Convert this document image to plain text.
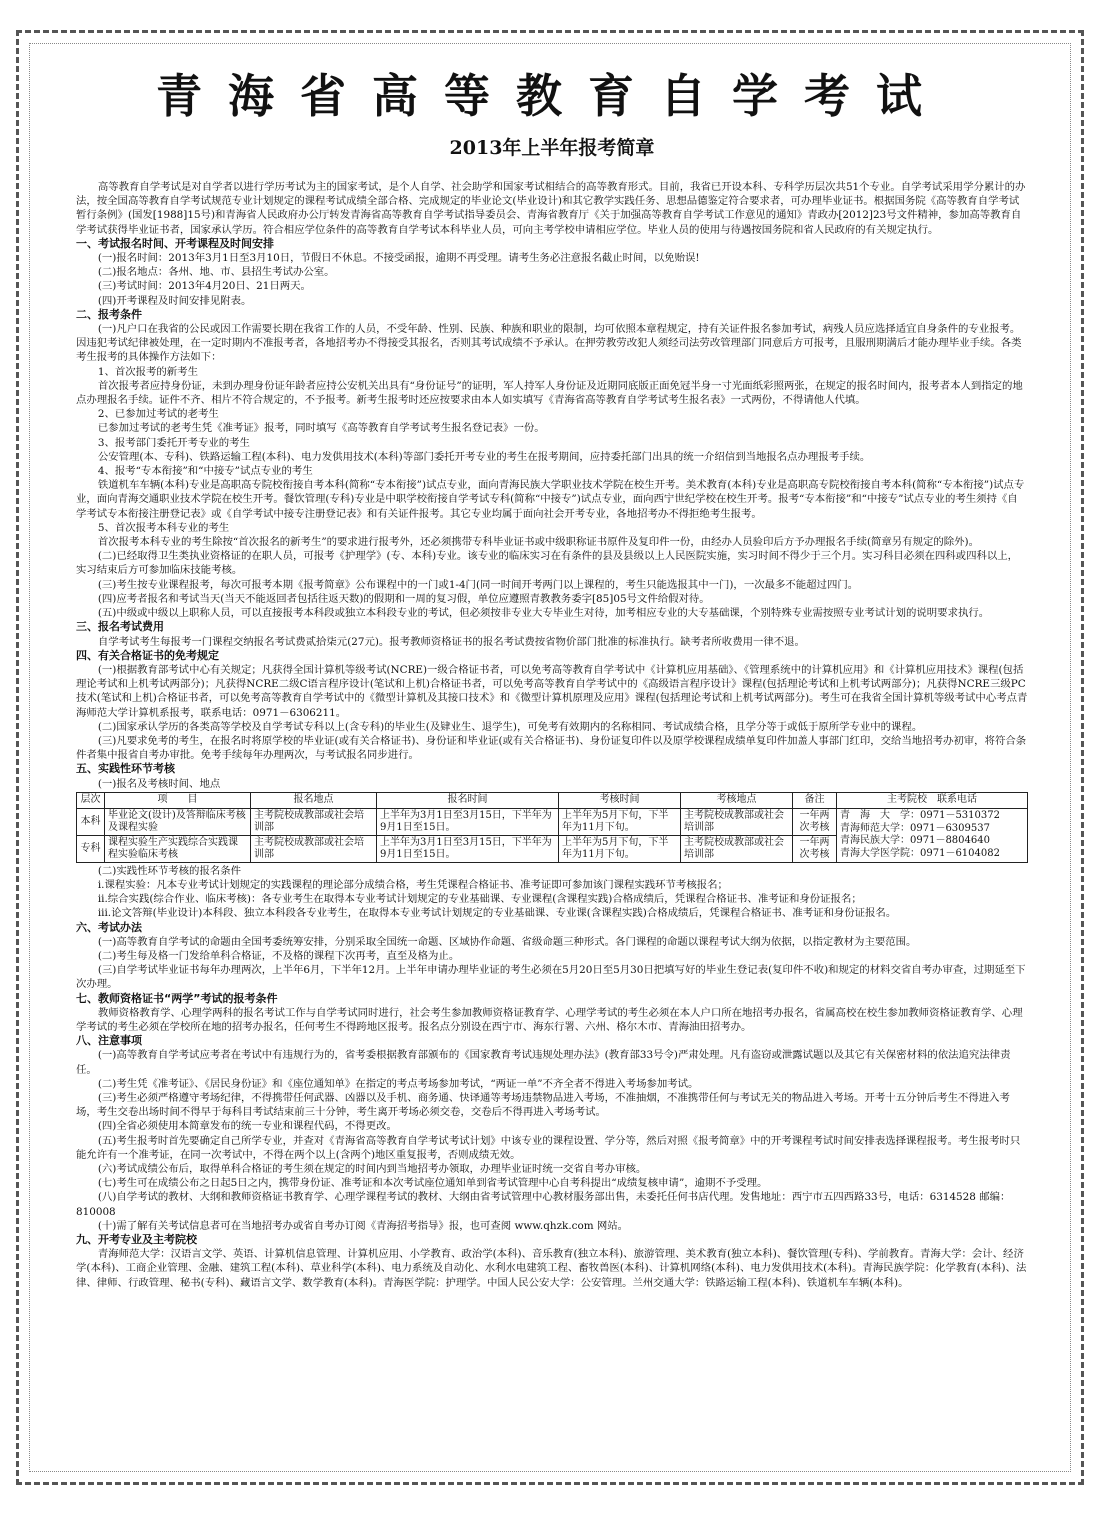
青海省高等教育自学考试
2013年上半年报考简章

高等教育自学考试是对自学者以进行学历考试为主的国家考试，是个人自学、社会助学和国家考试相结合的高等教育形式。目前，我省已开设本科、专科学历层次共51个专业。自学考试采用学分累计的办法，按全国高等教育自学考试规范专业计划规定的课程考试成绩全部合格、完成规定的毕业论文(毕业设计)和其它教学实践任务、思想品德鉴定符合要求者，可办理毕业证书。根据国务院《高等教育自学考试暂行条例》(国发[1988]15号)和青海省人民政府办公厅转发青海省高等教育自学考试指导委员会、青海省教育厅《关于加强高等教育自学考试工作意见的通知》青政办[2012]23号文件精神，参加高等教育自学考试获得毕业证书者，国家承认学历。符合相应学位条件的高等教育自学考试本科毕业人员，可向主考学校申请相应学位。毕业人员的使用与待遇按国务院和省人民政府的有关规定执行。

一、考试报名时间、开考课程及时间安排

(一)报名时间：2013年3月1日至3月10日，节假日不休息。不接受函报，逾期不再受理。请考生务必注意报名截止时间，以免贻误!

(二)报名地点：各州、地、市、县招生考试办公室。

(三)考试时间：2013年4月20日、21日两天。

(四)开考课程及时间安排见附表。

二、报考条件

(一)凡户口在我省的公民或因工作需要长期在我省工作的人员，不受年龄、性别、民族、种族和职业的限制，均可依照本章程规定，持有关证件报名参加考试，病残人员应选择适宜自身条件的专业报考。因违犯考试纪律被处理，在一定时期内不准报考者，各地招考办不得接受其报名，否则其考试成绩不予承认。在押劳教劳改犯人须经司法劳改管理部门同意后方可报考，且服刑期满后才能办理毕业手续。各类考生报考的具体操作方法如下：

1、首次报考的新考生

首次报考者应持身份证，未到办理身份证年龄者应持公安机关出具有“身份证号”的证明，军人持军人身份证及近期同底版正面免冠半身一寸光面纸彩照两张，在规定的报名时间内，报考者本人到指定的地点办理报名手续。证件不齐、相片不符合规定的，不予报考。新考生报考时还应按要求由本人如实填写《青海省高等教育自学考试考生报名表》一式两份，不得请他人代填。

2、已参加过考试的老考生

已参加过考试的老考生凭《准考证》报考，同时填写《高等教育自学考试考生报名登记表》一份。

3、报考部门委托开考专业的考生

公安管理(本、专科)、铁路运输工程(本科)、电力发供用技术(本科)等部门委托开考专业的考生在报考期间，应持委托部门出具的统一介绍信到当地报名点办理报考手续。

4、报考“专本衔接”和“中接专”试点专业的考生

铁道机车车辆(本科)专业是高职高专院校衔接自考本科(简称“专本衔接”)试点专业，面向青海民族大学职业技术学院在校生开考。美术教育(本科)专业是高职高专院校衔接自考本科(简称“专本衔接”)试点专业，面向青海交通职业技术学院在校生开考。餐饮管理(专科)专业是中职学校衔接自学考试专科(简称“中接专”)试点专业，面向西宁世纪学校在校生开考。报考“专本衔接”和“中接专”试点专业的考生须持《自学考试专本衔接注册登记表》或《自学考试中接专注册登记表》和有关证件报考。其它专业均属于面向社会开考专业，各地招考办不得拒绝考生报考。

5、首次报考本科专业的考生

首次报考本科专业的考生除按“首次报名的新考生”的要求进行报考外，还必须携带专科毕业证书或中级职称证书原件及复印件一份，由经办人员验印后方予办理报名手续(简章另有规定的除外)。

(二)已经取得卫生类执业资格证的在职人员，可报考《护理学》(专、本科)专业。该专业的临床实习在有条件的县及县级以上人民医院实施，实习时间不得少于三个月。实习科目必须在四科或四科以上，实习结束后方可参加临床技能考核。

(三)考生按专业课程报考，每次可报考本期《报考简章》公布课程中的一门或1-4门(同一时间开考两门以上课程的，考生只能选报其中一门)，一次最多不能超过四门。

(四)应考者报名和考试当天(当天不能返回者包括往返天数)的假期和一周的复习假，单位应遵照青教教务委字[85]05号文件给假对待。

(五)中级或中级以上职称人员，可以直接报考本科段或独立本科段专业的考试，但必须按非专业大专毕业生对待，加考相应专业的大专基础课，个别特殊专业需按照专业考试计划的说明要求执行。

三、报名考试费用

自学考试考生每报考一门课程交纳报名考试费贰拾柒元(27元)。报考教师资格证书的报名考试费按省物价部门批准的标准执行。缺考者所收费用一律不退。

四、有关合格证书的免考规定

(一)根据教育部考试中心有关规定；凡获得全国计算机等级考试(NCRE)一级合格证书者，可以免考高等教育自学考试中《计算机应用基础》、《管理系统中的计算机应用》和《计算机应用技术》课程(包括理论考试和上机考试两部分)；凡获得NCRE二级C语言程序设计(笔试和上机)合格证书者，可以免考高等教育自学考试中的《高级语言程序设计》课程(包括理论考试和上机考试两部分)；凡获得NCRE三级PC技术(笔试和上机)合格证书者，可以免考高等教育自学考试中的《微型计算机及其接口技术》和《微型计算机原理及应用》课程(包括理论考试和上机考试两部分)。考生可在我省全国计算机等级考试中心考点青海师范大学计算机系报考，联系电话：0971－6306211。

(二)国家承认学历的各类高等学校及自学考试专科以上(含专科)的毕业生(及肄业生、退学生)，可免考有效期内的名称相同、考试成绩合格，且学分等于或低于原所学专业中的课程。

(三)凡要求免考的考生，在报名时将原学校的毕业证(或有关合格证书)、身份证和毕业证(或有关合格证书)、身份证复印件以及原学校课程成绩单复印件加盖人事部门红印，交给当地招考办初审，将符合条件者集中报省自考办审批。免考手续每年办理两次，与考试报名同步进行。

五、实践性环节考核

(一)报名及考核时间、地点

层次	项　　目	报名地点	报名时间	考核时间	考核地点	备注	主考院校　联系电话
本科	毕业论文(设计)及答辩临床考核及课程实验	主考院校成教部或社会培训部	上半年为3月1日至3月15日，下半年为9月1日至15日。	上半年为5月下旬，下半年为11月下旬。	主考院校成教部或社会培训部	一年两次考核	青　海　大　学：0971－5310372
青海师范大学：0971－6309537
青海民族大学：0971－8804640
青海大学医学院：0971－6104082

专科	课程实验生产实践综合实践课程实验临床考核	主考院校成教部或社会培训部	上半年为3月1日至3月15日，下半年为9月1日至15日。	上半年为5月下旬，下半年为11月下旬。	主考院校成教部或社会培训部	一年两次考核	

(二)实践性环节考核的报名条件

i.课程实验：凡本专业考试计划规定的实践课程的理论部分成绩合格，考生凭课程合格证书、准考证即可参加该门课程实践环节考核报名；

ii.综合实践(综合作业、临床考核)：各专业考生在取得本专业考试计划规定的专业基础课、专业课程(含课程实践)合格成绩后，凭课程合格证书、准考证和身份证报名；

iii.论文答辩(毕业设计)本科段、独立本科段各专业考生，在取得本专业考试计划规定的专业基础课、专业课(含课程实践)合格成绩后，凭课程合格证书、准考证和身份证报名。

六、考试办法

(一)高等教育自学考试的命题由全国考委统筹安排，分别采取全国统一命题、区域协作命题、省级命题三种形式。各门课程的命题以课程考试大纲为依据，以指定教材为主要范围。

(二)考生每及格一门发给单科合格证，不及格的课程下次再考，直至及格为止。

(三)自学考试毕业证书每年办理两次，上半年6月，下半年12月。上半年申请办理毕业证的考生必须在5月20日至5月30日把填写好的毕业生登记表(复印件不收)和规定的材料交省自考办审查，过期延至下次办理。

七、教师资格证书“两学”考试的报考条件

教师资格教育学、心理学两科的报名考试工作与自学考试同时进行，社会考生参加教师资格证教育学、心理学考试的考生必须在本人户口所在地招考办报名，省属高校在校生参加教师资格证教育学、心理学考试的考生必须在学校所在地的招考办报名，任何考生不得跨地区报考。报名点分别设在西宁市、海东行署、六州、格尔木市、青海油田招考办。

八、注意事项

(一)高等教育自学考试应考者在考试中有违规行为的，省考委根据教育部颁布的《国家教育考试违规处理办法》(教育部33号令)严肃处理。凡有盗窃或泄露试题以及其它有关保密材料的依法追究法律责任。

(二)考生凭《准考证》、《居民身份证》和《座位通知单》在指定的考点考场参加考试，“两证一单”不齐全者不得进入考场参加考试。

(三)考生必须严格遵守考场纪律，不得携带任何武器、凶器以及手机、商务通、快译通等考场违禁物品进入考场，不准抽烟，不准携带任何与考试无关的物品进入考场。开考十五分钟后考生不得进入考场，考生交卷出场时间不得早于每科目考试结束前三十分钟，考生离开考场必须交卷，交卷后不得再进入考场考试。

(四)全省必须使用本简章发布的统一专业和课程代码，不得更改。

(五)考生报考时首先要确定自己所学专业，并查对《青海省高等教育自学考试考试计划》中该专业的课程设置、学分等，然后对照《报考简章》中的开考课程考试时间安排表选择课程报考。考生报考时只能允许有一个准考证，在同一次考试中，不得在两个以上(含两个)地区重复报考，否则成绩无效。

(六)考试成绩公布后，取得单科合格证的考生须在规定的时间内到当地招考办领取，办理毕业证时统一交省自考办审核。

(七)考生可在成绩公布之日起5日之内，携带身份证、准考证和本次考试座位通知单到省考试管理中心自考科提出“成绩复核申请”，逾期不予受理。

(八)自学考试的教材、大纲和教师资格证书教育学、心理学课程考试的教材、大纲由省考试管理中心教材服务部出售，未委托任何书店代理。发售地址：西宁市五四西路33号，电话：6314528 邮编：810008

(十)需了解有关考试信息者可在当地招考办或省自考办订阅《青海招考指导》报，也可查阅 www.qhzk.com 网站。

九、开考专业及主考院校

青海师范大学：汉语言文学、英语、计算机信息管理、计算机应用、小学教育、政治学(本科)、音乐教育(独立本科)、旅游管理、美术教育(独立本科)、餐饮管理(专科)、学前教育。青海大学：会计、经济学(本科)、工商企业管理、金融、建筑工程(本科)、草业科学(本科)、电力系统及自动化、水利水电建筑工程、畜牧兽医(本科)、计算机网络(本科)、电力发供用技术(本科)。青海民族学院：化学教育(本科)、法律、律师、行政管理、秘书(专科)、藏语言文学、数学教育(本科)。青海医学院：护理学。中国人民公安大学：公安管理。兰州交通大学：铁路运输工程(本科)、铁道机车车辆(本科)。
